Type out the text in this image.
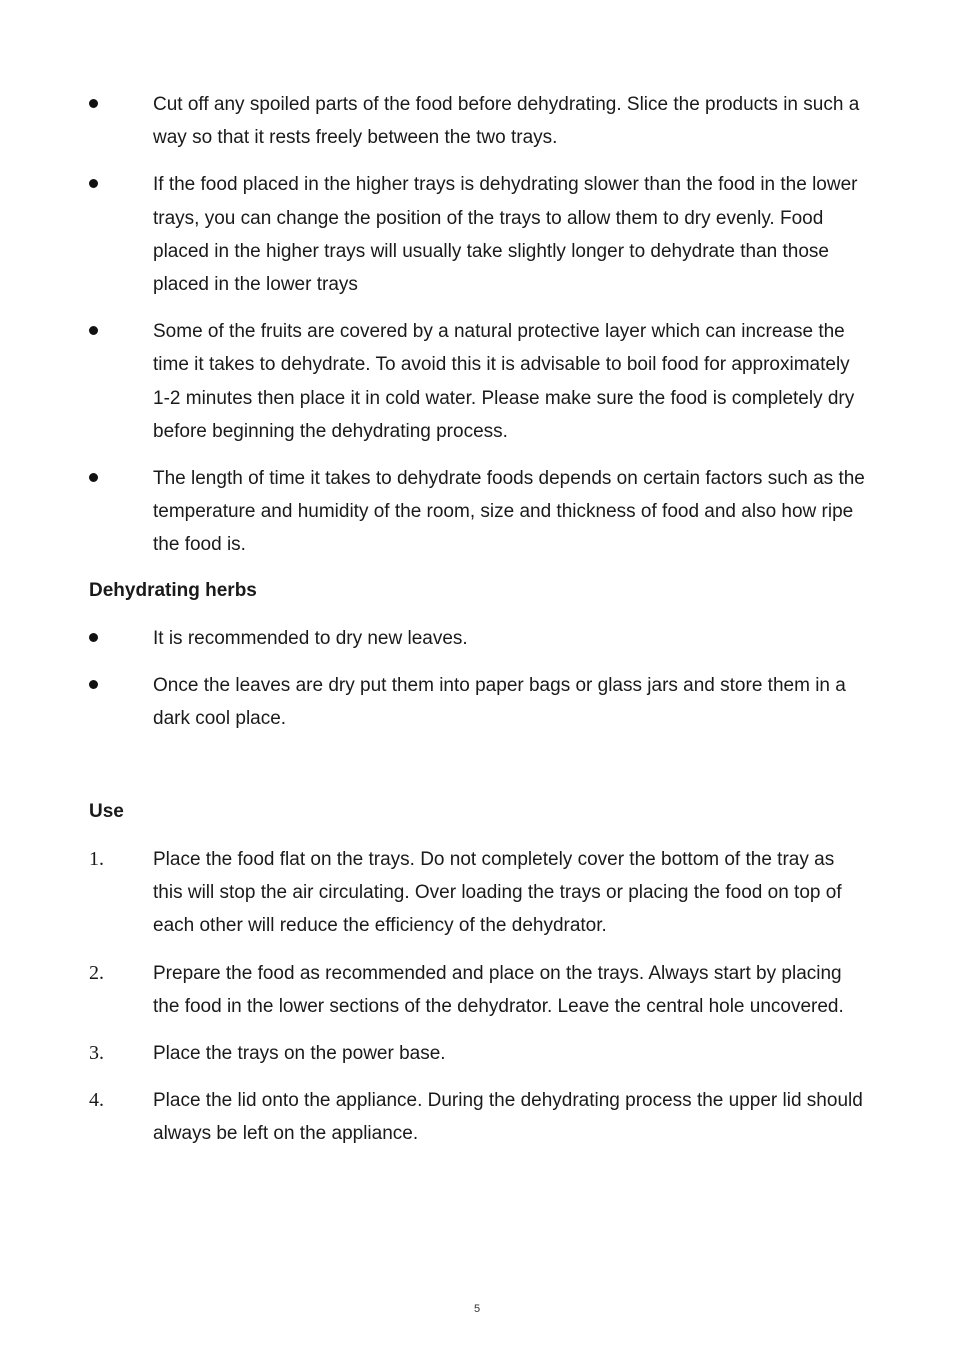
Cut off any spoiled parts of the food before dehydrating. Slice the products in such a way so that it rests freely between the two trays.
If the food placed in the higher trays is dehydrating slower than the food in the lower trays, you can change the position of the trays to allow them to dry evenly. Food placed in the higher trays will usually take slightly longer to dehydrate than those placed in the lower trays
Some of the fruits are covered by a natural protective layer which can increase the time it takes to dehydrate. To avoid this it is advisable to boil food for approximately 1-2 minutes then place it in cold water. Please make sure the food is completely dry before beginning the dehydrating process.
The length of time it takes to dehydrate foods depends on certain factors such as the temperature and humidity of the room, size and thickness of food and also how ripe the food is.
Dehydrating herbs
It is recommended to dry new leaves.
Once the leaves are dry put them into paper bags or glass jars and store them in a dark cool place.
Use
1.	Place the food flat on the trays. Do not completely cover the bottom of the tray as this will stop the air circulating. Over loading the trays or placing the food on top of each other will reduce the efficiency of the dehydrator.
2.	Prepare the food as recommended and place on the trays. Always start by placing the food in the lower sections of the dehydrator. Leave the central hole uncovered.
3.	Place the trays on the power base.
4.	Place the lid onto the appliance. During the dehydrating process the upper lid should always be left on the appliance.
5
